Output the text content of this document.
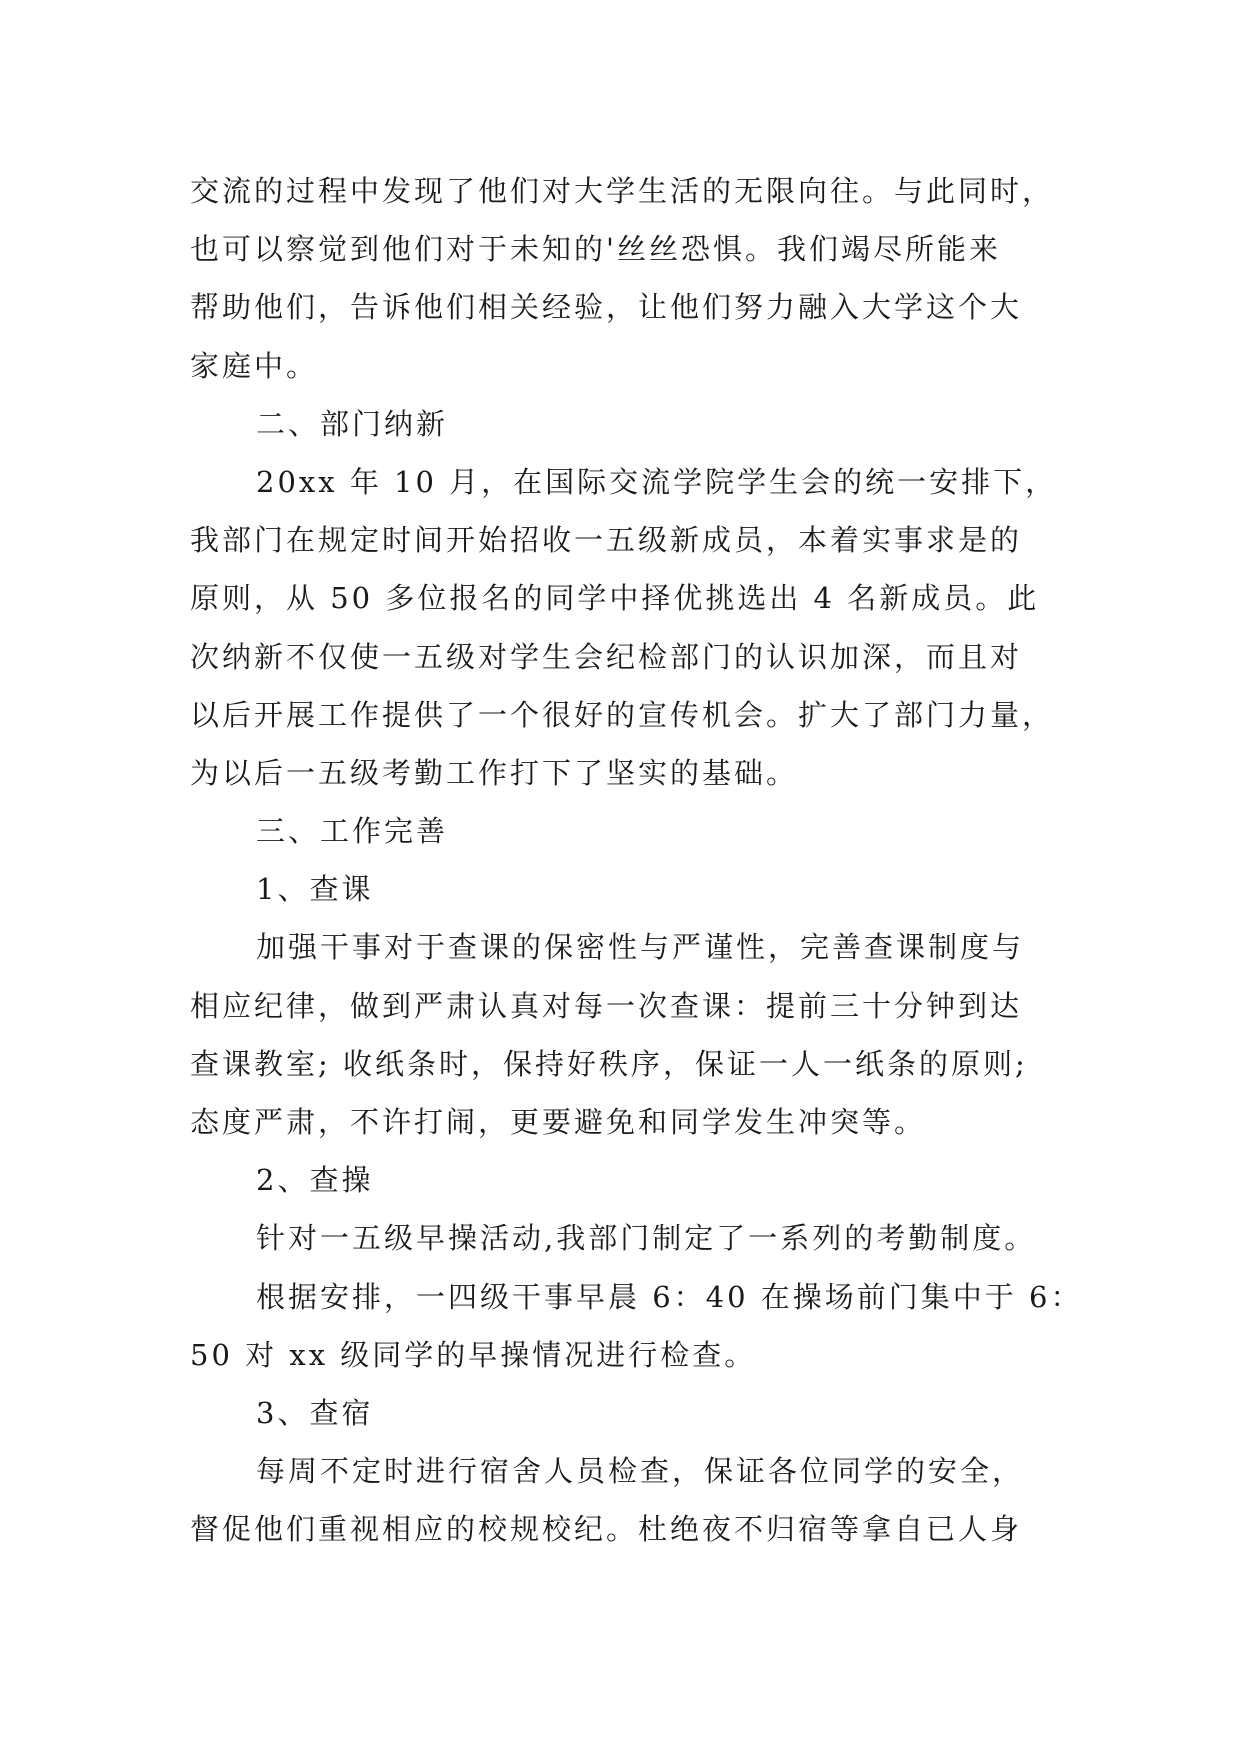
交流的过程中发现了他们对大学生活的无限向往。与此同时，
也可以察觉到他们对于未知的'丝丝恐惧。我们竭尽所能来
帮助他们，告诉他们相关经验，让他们努力融入大学这个大
家庭中。
二、部门纳新
20xx 年 10 月，在国际交流学院学生会的统一安排下，
我部门在规定时间开始招收一五级新成员，本着实事求是的
原则，从 50 多位报名的同学中择优挑选出 4 名新成员。此
次纳新不仅使一五级对学生会纪检部门的认识加深，而且对
以后开展工作提供了一个很好的宣传机会。扩大了部门力量，
为以后一五级考勤工作打下了坚实的基础。
三、工作完善
1、查课
加强干事对于查课的保密性与严谨性，完善查课制度与
相应纪律，做到严肃认真对每一次查课：提前三十分钟到达
查课教室; 收纸条时，保持好秩序，保证一人一纸条的原则;
态度严肃，不许打闹，更要避免和同学发生冲突等。
2、查操
针对一五级早操活动,我部门制定了一系列的考勤制度。
根据安排，一四级干事早晨 6：40 在操场前门集中于 6：
50 对 xx 级同学的早操情况进行检查。
3、查宿
每周不定时进行宿舍人员检查，保证各位同学的安全，
督促他们重视相应的校规校纪。杜绝夜不归宿等拿自已人身
